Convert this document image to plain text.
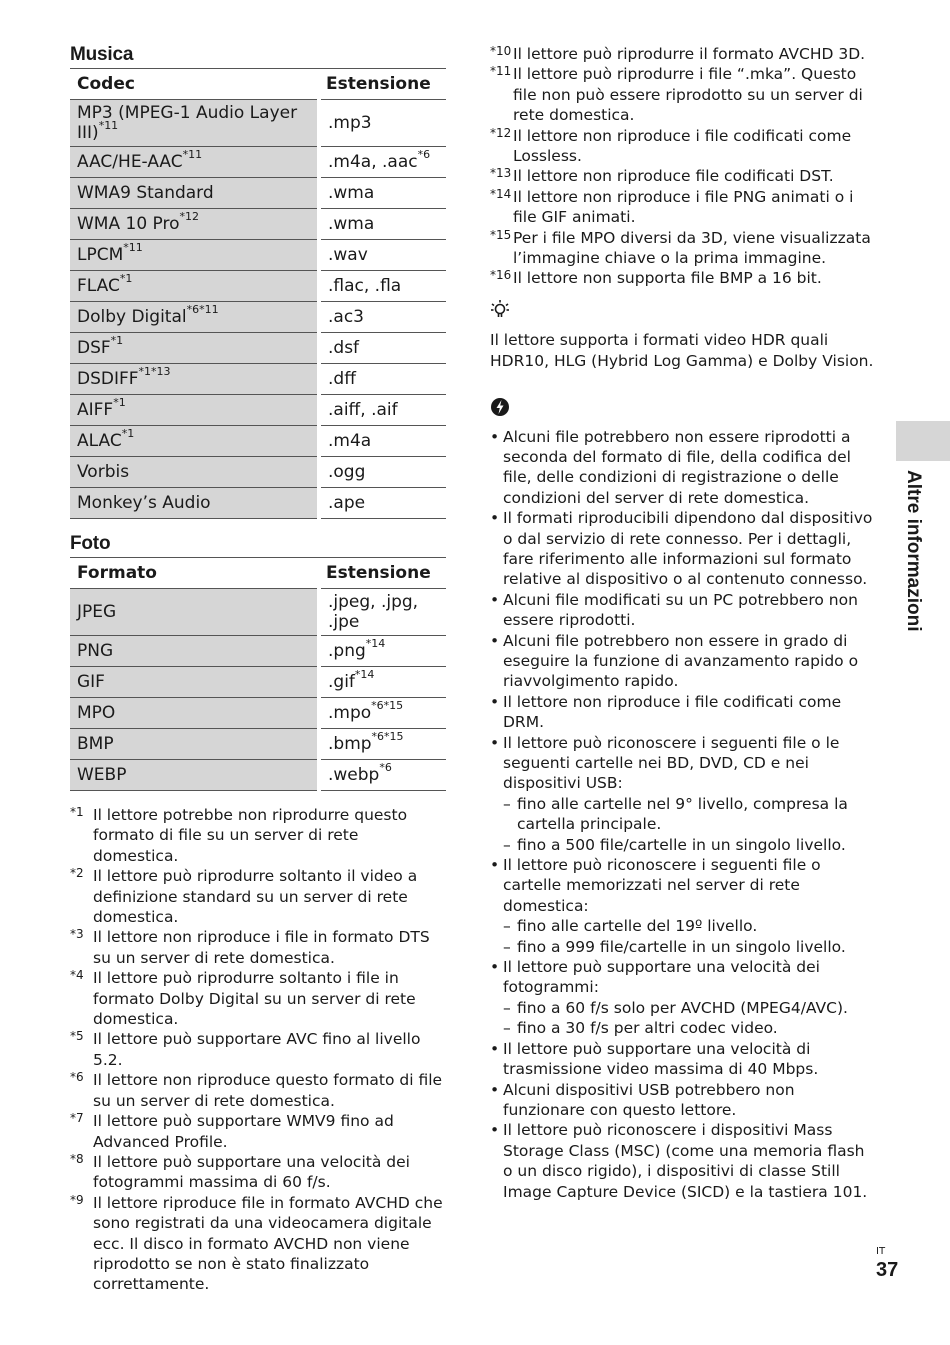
Musica
Codec	Estensione
MP3 (MPEG-1 Audio Layer III)$^{*11}$	.mp3
AAC/HE-AAC$^{*11}$	.m4a, .aac$^{*6}$
WMA9 Standard	.wma
WMA 10 Pro$^{*12}$	.wma
LPCM$^{*11}$	.wav
FLAC$^{*1}$	.flac, .fla
Dolby Digital$^{*6*11}$	.ac3
DSF$^{*1}$	.dsf
$DSDIFF^{*1*13}$	.dff
AIFF$^{*1}$	.aiff, .aif
ALAC$^{*1}$	.m4a
Vorbis	.ogg
Monkey’s Audio	.ape
Foto
Formato	Estensione
JPEG	.jpeg, .jpg, .jpe
PNG	.png$^{*14}$
GIF	.gif$^{*14}$
MPO	.mpo$^{*6*15}$
BMP	.bmp$^{*6*15}$
WEBP	.webp$^{*6}$
*1 Il lettore potrebbe non riprodurre questo formato di file su un server di rete domestica.
*2 Il lettore può riprodurre soltanto il video a definizione standard su un server di rete domestica.
*3 Il lettore non riproduce i file in formato DTS su un server di rete domestica.
*4 Il lettore può riprodurre soltanto i file in formato Dolby Digital su un server di rete domestica.
*5 Il lettore può supportare AVC fino al livello 5.2.
*6 Il lettore non riproduce questo formato di file su un server di rete domestica.
*7 Il lettore può supportare WMV9 fino ad Advanced Profile.
*8 Il lettore può supportare una velocità dei fotogrammi massima di 60 f/s.
*9 Il lettore riproduce file in formato AVCHD che sono registrati da una videocamera digitale ecc. Il disco in formato AVCHD non viene riprodotto se non è stato finalizzato correttamente.
*10 Il lettore può riprodurre il formato AVCHD 3D.
*11 Il lettore può riprodurre i file “.mka”. Questo file non può essere riprodotto su un server di rete domestica.
*12 Il lettore non riproduce i file codificati come Lossless.
*13 Il lettore non riproduce file codificati DST.
*14 Il lettore non riproduce i file PNG animati o i file GIF animati.
*15 Per i file MPO diversi da 3D, viene visualizzata l’immagine chiave o la prima immagine.
*16 Il lettore non supporta file BMP a 16 bit.

Il lettore supporta i formati video HDR quali HDR10, HLG (Hybrid Log Gamma) e Dolby Vision.

• Alcuni file potrebbero non essere riprodotti a seconda del formato di file, della codifica del file, delle condizioni di registrazione o delle condizioni del server di rete domestica.
• Il formati riproducibili dipendono dal dispositivo o dal servizio di rete connesso. Per i dettagli, fare riferimento alle informazioni sul formato relative al dispositivo o al contenuto connesso.
• Alcuni file modificati su un PC potrebbero non essere riprodotti.
• Alcuni file potrebbero non essere in grado di eseguire la funzione di avanzamento rapido o riavvolgimento rapido.
• Il lettore non riproduce i file codificati come DRM.
• Il lettore può riconoscere i seguenti file o le seguenti cartelle nei BD, DVD, CD e nei dispositivi USB:
– fino alle cartelle nel 9° livello, compresa la cartella principale.
– fino a 500 file/cartelle in un singolo livello.
• Il lettore può riconoscere i seguenti file o cartelle memorizzati nel server di rete domestica:
– fino alle cartelle del 19º livello.
– fino a 999 file/cartelle in un singolo livello.
• Il lettore può supportare una velocità dei fotogrammi:
– fino a 60 f/s solo per AVCHD (MPEG4/AVC).
– fino a 30 f/s per altri codec video.
• Il lettore può supportare una velocità di trasmissione video massima di 40 Mbps.
• Alcuni dispositivi USB potrebbero non funzionare con questo lettore.
• Il lettore può riconoscere i dispositivi Mass Storage Class (MSC) (come una memoria flash o un disco rigido), i dispositivi di classe Still Image Capture Device (SICD) e la tastiera 101.
Altre informazioni
IT
37
